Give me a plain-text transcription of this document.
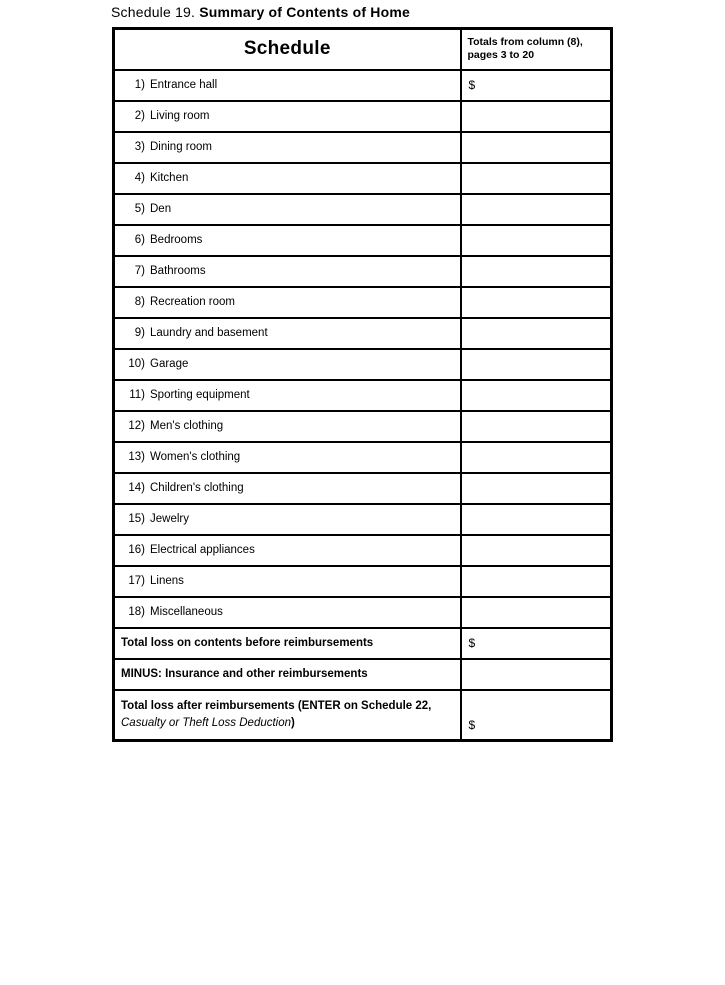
Schedule 19. Summary of Contents of Home
Schedule	Totals from column (8), pages 3 to 20
1) Entrance hall	$
2) Living room	
3) Dining room	
4) Kitchen	
5) Den	
6) Bedrooms	
7) Bathrooms	
8) Recreation room	
9) Laundry and basement	
10) Garage	
11) Sporting equipment	
12) Men's clothing	
13) Women's clothing	
14) Children's clothing	
15) Jewelry	
16) Electrical appliances	
17) Linens	
18) Miscellaneous	
Total loss on contents before reimbursements	$
MINUS: Insurance and other reimbursements	
Total loss after reimbursements (ENTER on Schedule 22, Casualty or Theft Loss Deduction)	$
